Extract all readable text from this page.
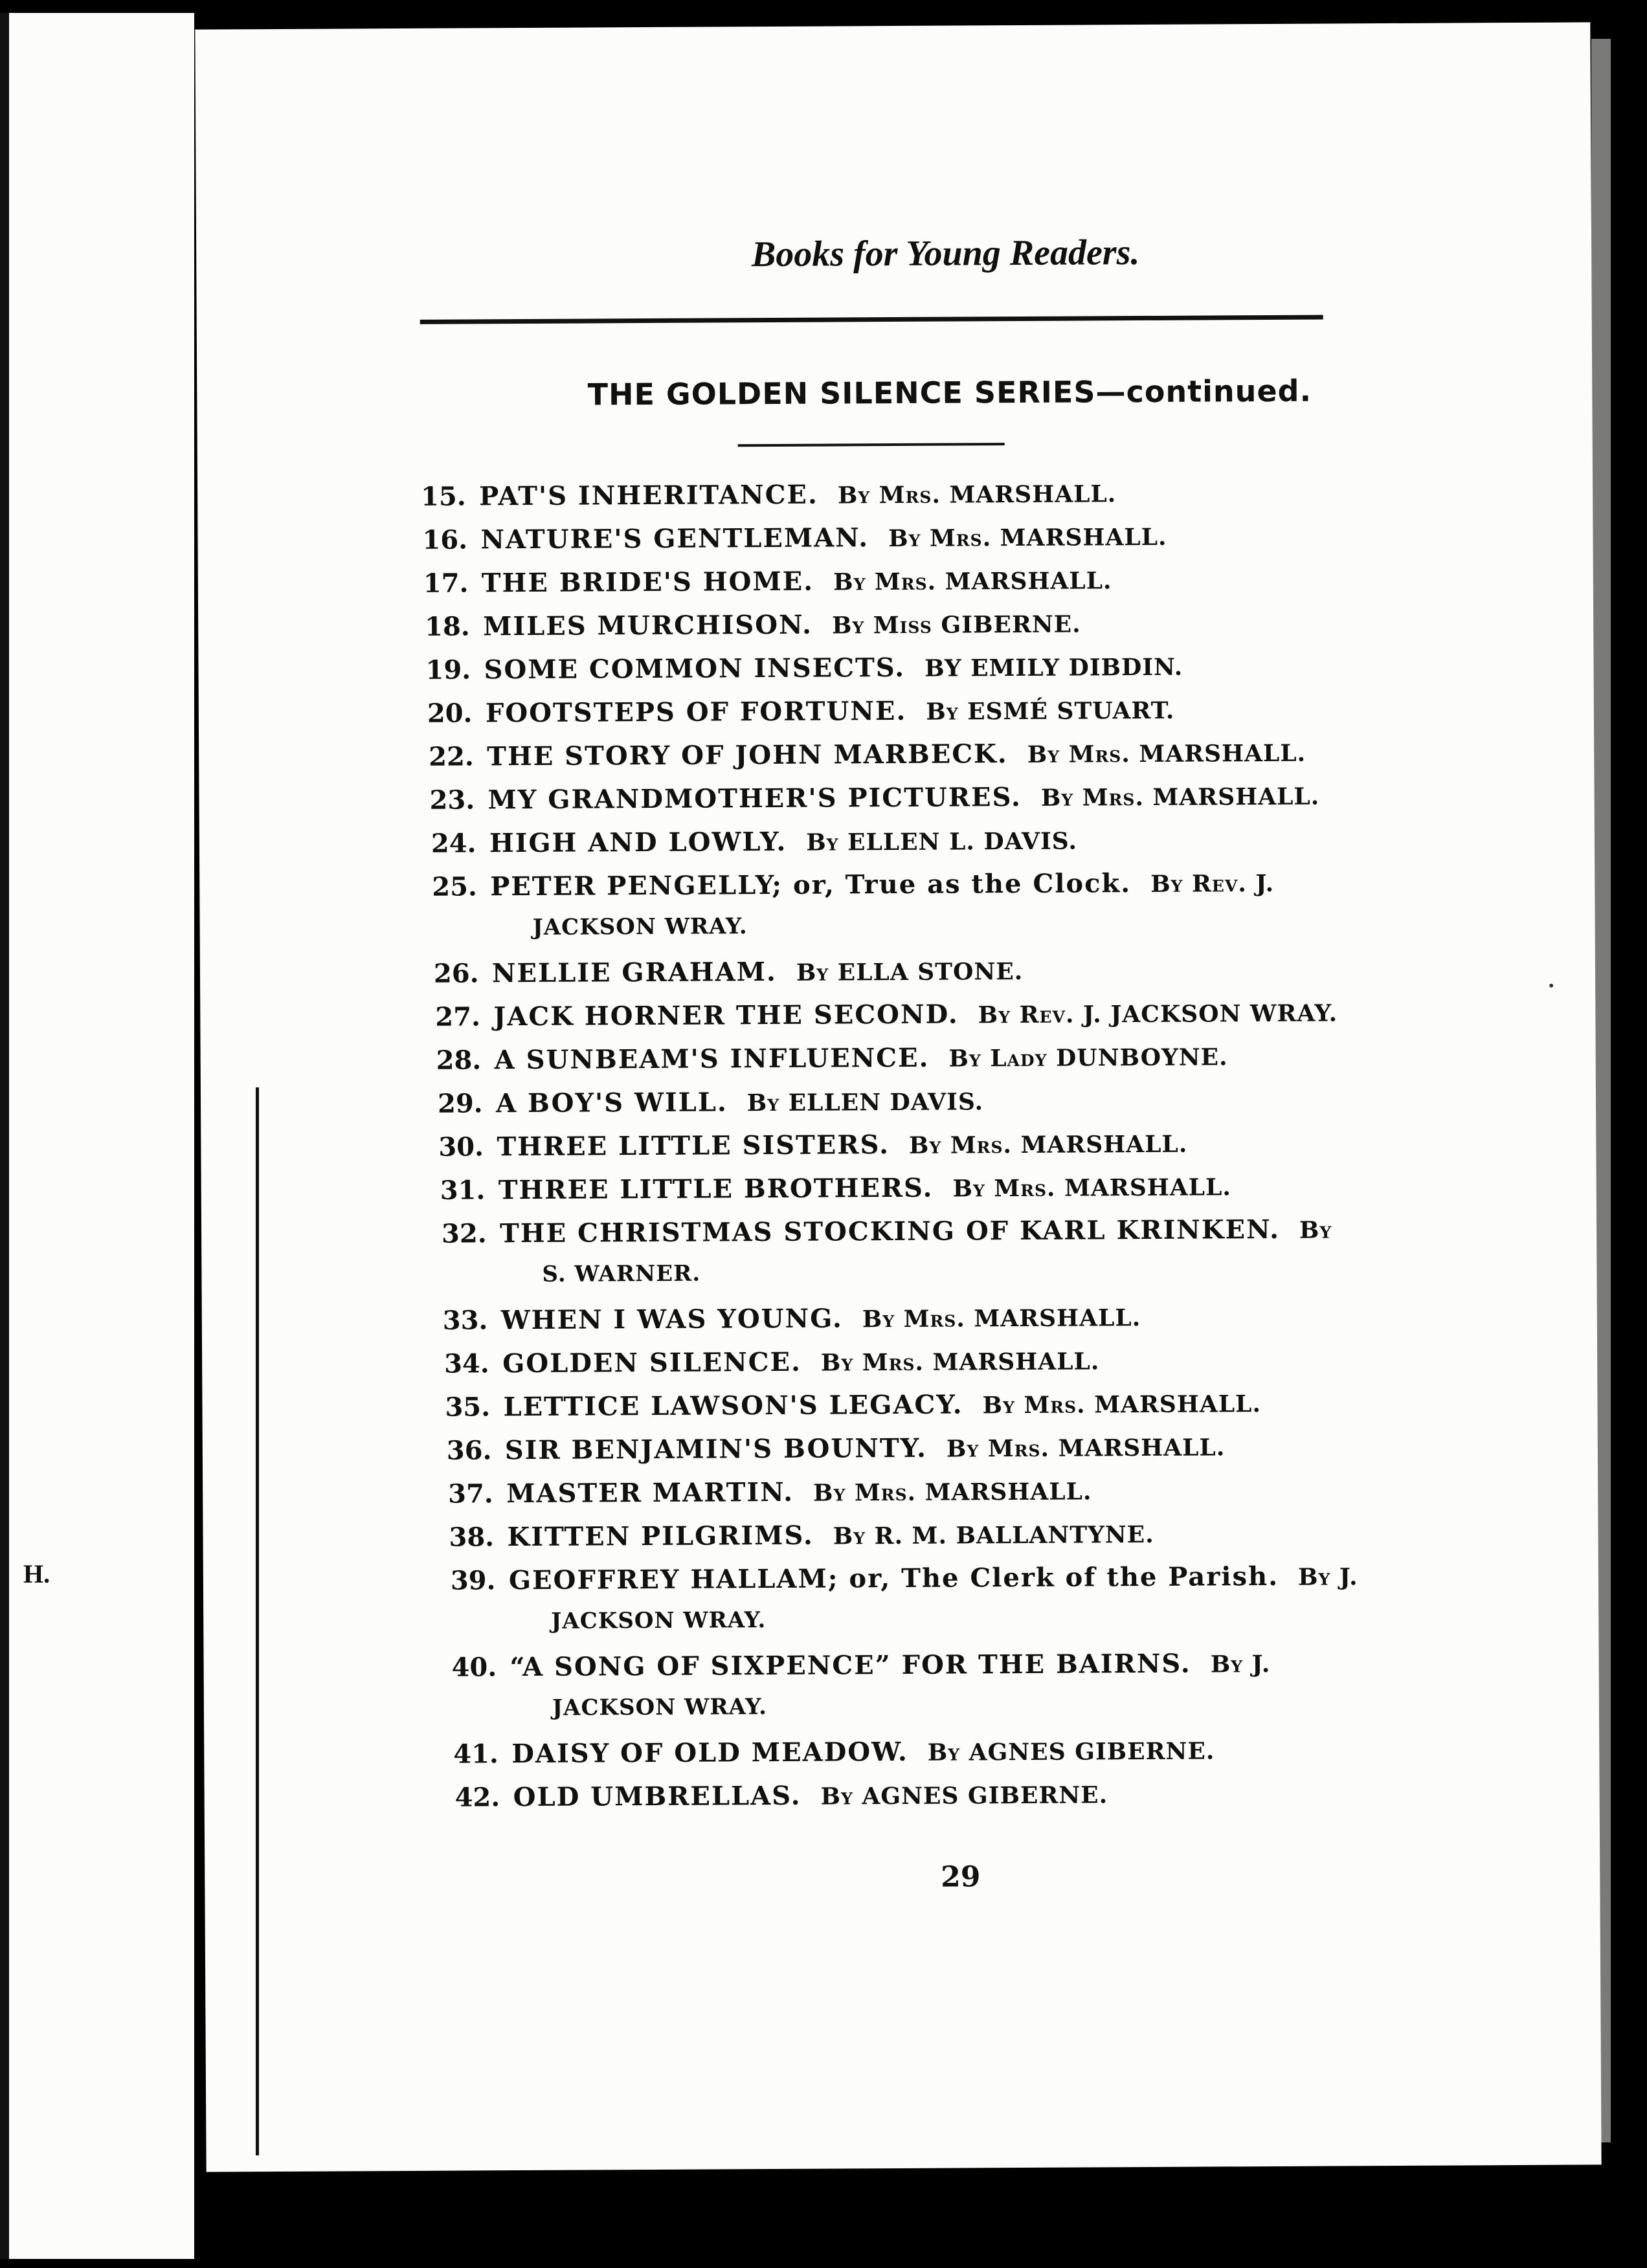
H.
Books for Young Readers.
THE GOLDEN SILENCE SERIES—continued.
15. PAT'S INHERITANCE. By Mrs. MARSHALL.
16. NATURE'S GENTLEMAN. By Mrs. MARSHALL.
17. THE BRIDE'S HOME. By Mrs. MARSHALL.
18. MILES MURCHISON. By Miss GIBERNE.
19. SOME COMMON INSECTS. BY EMILY DIBDIN.
20. FOOTSTEPS OF FORTUNE. By ESMÉ STUART.
22. THE STORY OF JOHN MARBECK. By Mrs. MARSHALL.
23. MY GRANDMOTHER'S PICTURES. By Mrs. MARSHALL.
24. HIGH AND LOWLY. By ELLEN L. DAVIS.
25. PETER PENGELLY; or, True as the Clock. By Rev. J.
JACKSON WRAY.
26. NELLIE GRAHAM. By ELLA STONE.
27. JACK HORNER THE SECOND. By Rev. J. JACKSON WRAY.
28. A SUNBEAM'S INFLUENCE. By Lady DUNBOYNE.
29. A BOY'S WILL. By ELLEN DAVIS.
30. THREE LITTLE SISTERS. By Mrs. MARSHALL.
31. THREE LITTLE BROTHERS. By Mrs. MARSHALL.
32. THE CHRISTMAS STOCKING OF KARL KRINKEN. By
S. WARNER.
33. WHEN I WAS YOUNG. By Mrs. MARSHALL.
34. GOLDEN SILENCE. By Mrs. MARSHALL.
35. LETTICE LAWSON'S LEGACY. By Mrs. MARSHALL.
36. SIR BENJAMIN'S BOUNTY. By Mrs. MARSHALL.
37. MASTER MARTIN. By Mrs. MARSHALL.
38. KITTEN PILGRIMS. By R. M. BALLANTYNE.
39. GEOFFREY HALLAM; or, The Clerk of the Parish. By J.
JACKSON WRAY.
40. “A SONG OF SIXPENCE” FOR THE BAIRNS. By J.
JACKSON WRAY.
41. DAISY OF OLD MEADOW. By AGNES GIBERNE.
42. OLD UMBRELLAS. By AGNES GIBERNE.
29
